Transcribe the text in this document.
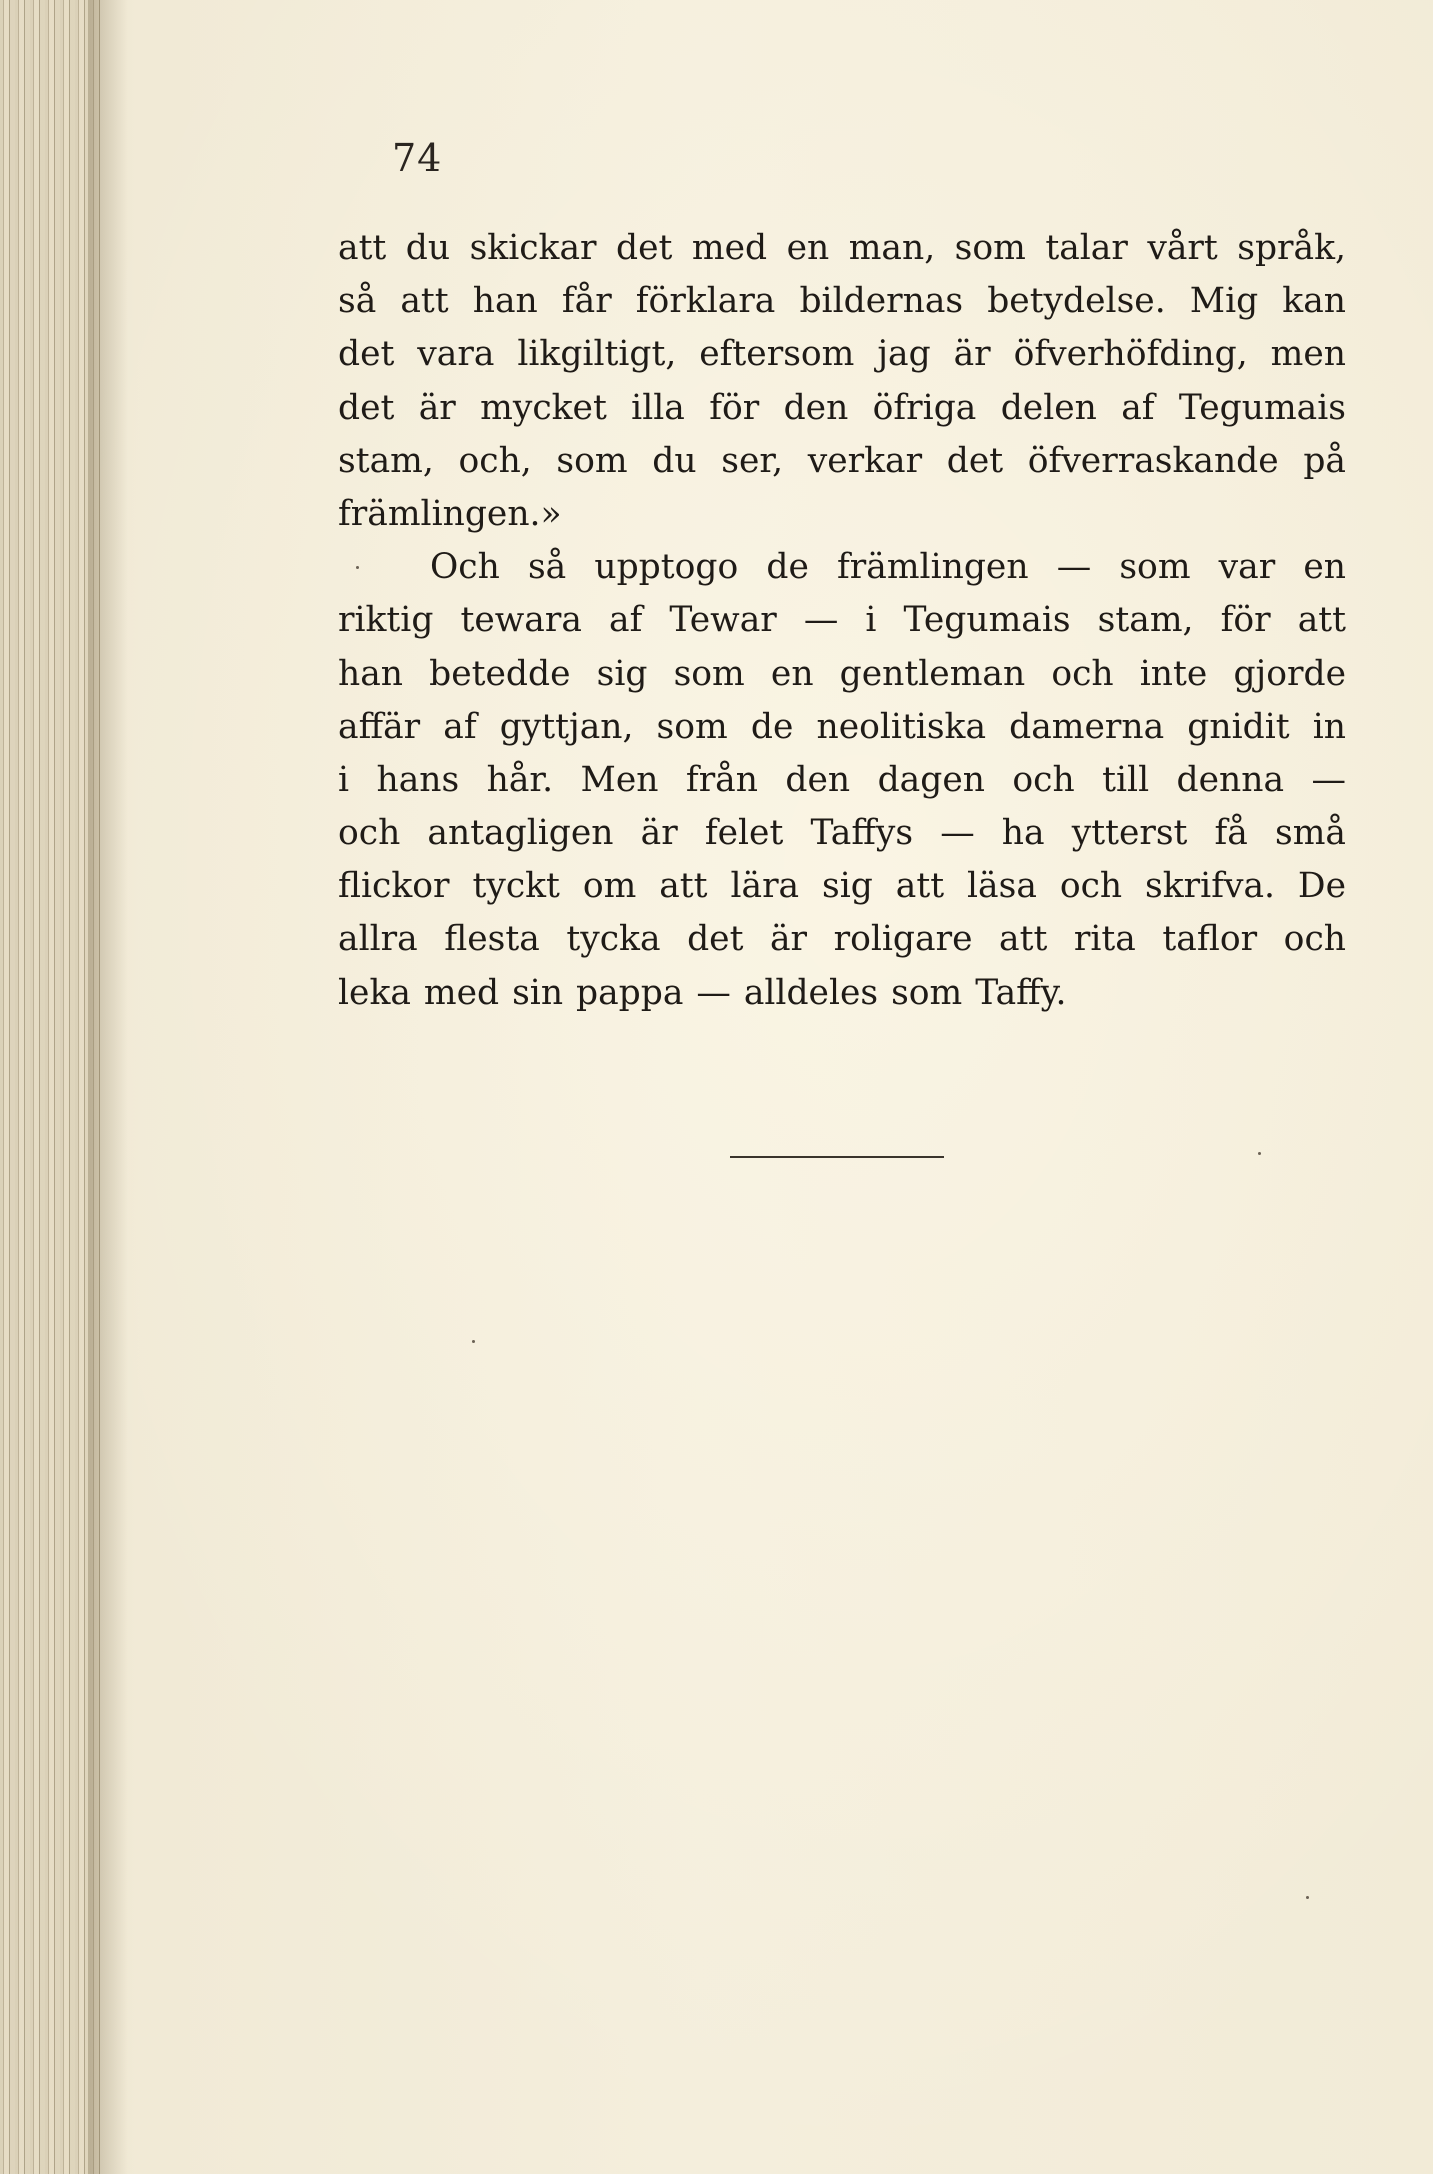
74
att du skickar det med en man, som talar vårt språk,
så att han får förklara bildernas betydelse. Mig kan
det vara likgiltigt, eftersom jag är öfverhöfding, men
det är mycket illa för den öfriga delen af Tegumais
stam, och, som du ser, verkar det öfverraskande på
främlingen.»
Och så upptogo de främlingen — som var en
riktig tewara af Tewar — i Tegumais stam, för att
han betedde sig som en gentleman och inte gjorde
affär af gyttjan, som de neolitiska damerna gnidit in
i hans hår. Men från den dagen och till denna —
och antagligen är felet Taffys — ha ytterst få små
flickor tyckt om att lära sig att läsa och skrifva. De
allra flesta tycka det är roligare att rita taflor och
leka med sin pappa — alldeles som Taffy.
